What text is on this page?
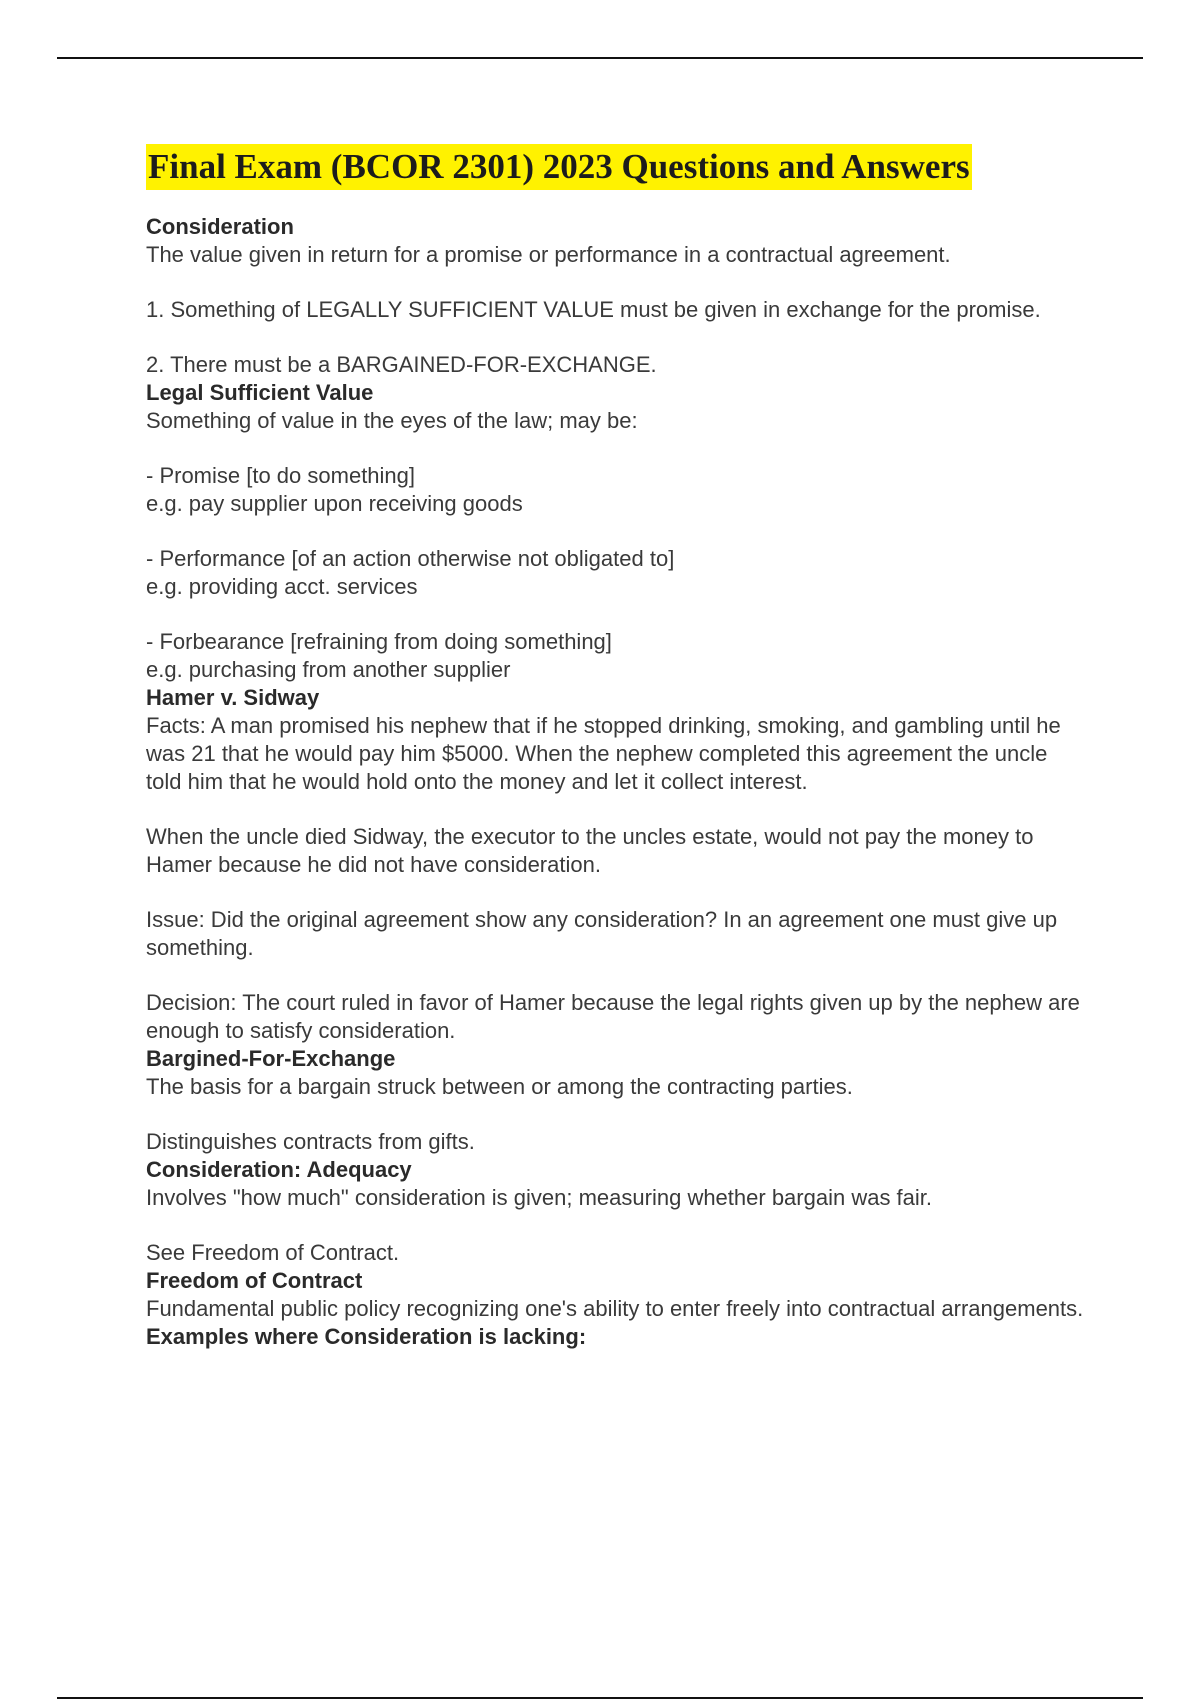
Final Exam (BCOR 2301) 2023 Questions and Answers

Consideration

The value given in return for a promise or performance in a contractual agreement.

1. Something of LEGALLY SUFFICIENT VALUE must be given in exchange for the promise.

2. There must be a BARGAINED-FOR-EXCHANGE.

Legal Sufficient Value

Something of value in the eyes of the law; may be:

- Promise [to do something]

e.g. pay supplier upon receiving goods

- Performance [of an action otherwise not obligated to]

e.g. providing acct. services

- Forbearance [refraining from doing something]

e.g. purchasing from another supplier

Hamer v. Sidway

Facts: A man promised his nephew that if he stopped drinking, smoking, and gambling until he was 21 that he would pay him $5000. When the nephew completed this agreement the uncle told him that he would hold onto the money and let it collect interest.

When the uncle died Sidway, the executor to the uncles estate, would not pay the money to Hamer because he did not have consideration.

Issue: Did the original agreement show any consideration? In an agreement one must give up something.

Decision: The court ruled in favor of Hamer because the legal rights given up by the nephew are enough to satisfy consideration.

Bargined-For-Exchange

The basis for a bargain struck between or among the contracting parties.

Distinguishes contracts from gifts.

Consideration: Adequacy

Involves "how much" consideration is given; measuring whether bargain was fair.

See Freedom of Contract.

Freedom of Contract

Fundamental public policy recognizing one's ability to enter freely into contractual arrangements.

Examples where Consideration is lacking:
